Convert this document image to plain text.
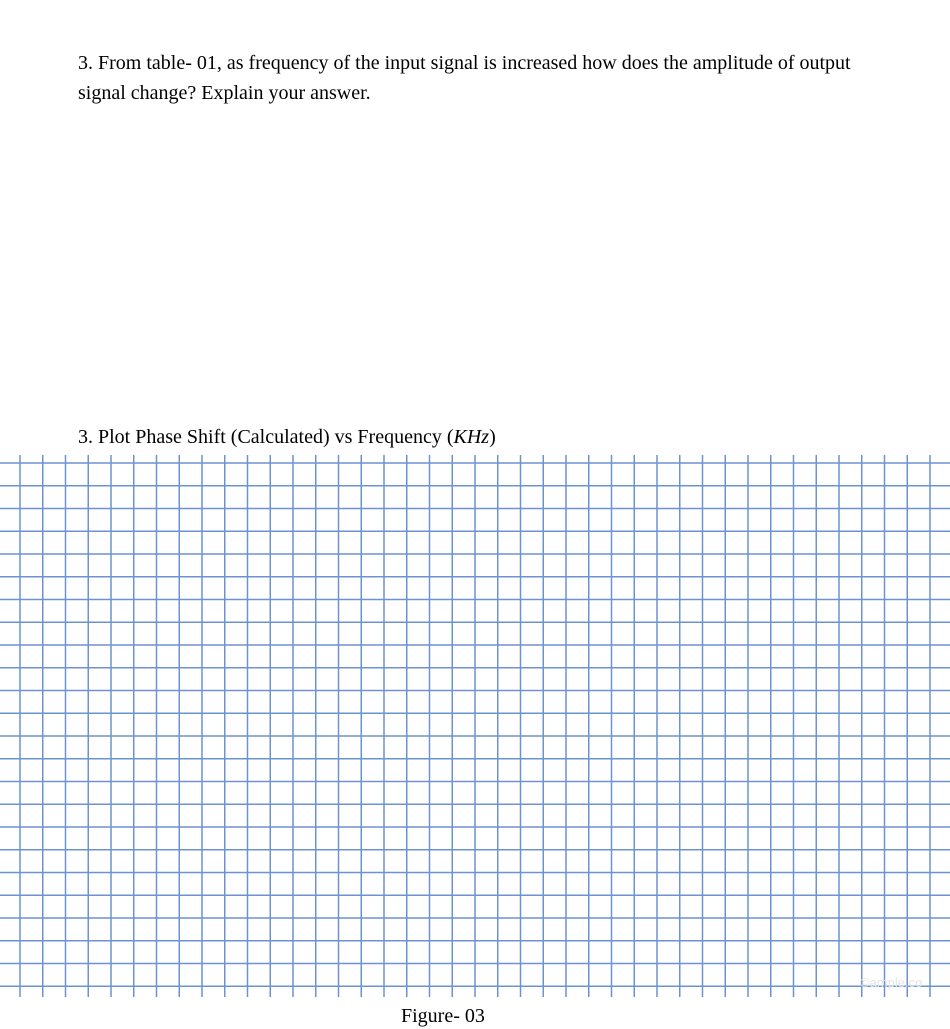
3. From table- 01, as frequency of the input signal is increased how does the amplitude of output signal change? Explain your answer.
3. Plot Phase Shift (Calculated) vs Frequency (KHz)
Figure- 03
©ample.co
